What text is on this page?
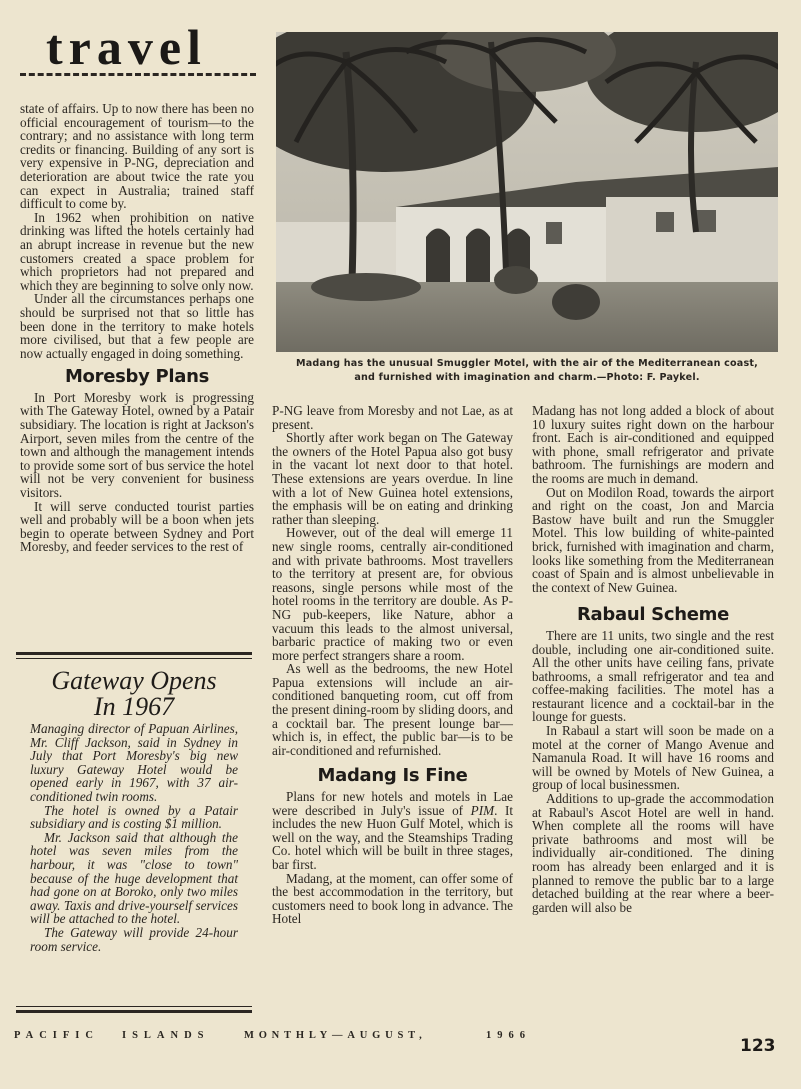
travel
Madang has the unusual Smuggler Motel, with the air of the Mediterranean coast,
and furnished with imagination and charm.—Photo: F. Paykel.

state of affairs. Up to now there has been no official encouragement of tourism—to the contrary; and no assistance with long term credits or financing. Building of any sort is very expensive in P-NG, depreciation and deterioration are about twice the rate you can expect in Australia; trained staff difficult to come by.

In 1962 when prohibition on native drinking was lifted the hotels certainly had an abrupt increase in revenue but the new customers created a space problem for which proprietors had not prepared and which they are beginning to solve only now.

Under all the circumstances perhaps one should be surprised not that so little has been done in the territory to make hotels more civilised, but that a few people are now actually engaged in doing something.

Moresby Plans

In Port Moresby work is progressing with The Gateway Hotel, owned by a Patair subsidiary. The location is right at Jackson's Airport, seven miles from the centre of the town and although the management intends to provide some sort of bus service the hotel will not be very convenient for business visitors.

It will serve conducted tourist parties well and probably will be a boon when jets begin to operate between Sydney and Port Moresby, and feeder services to the rest of

Gateway Opens
In 1967

Managing director of Papuan Airlines, Mr. Cliff Jackson, said in Sydney in July that Port Moresby's big new luxury Gateway Hotel would be opened early in 1967, with 37 air-conditioned twin rooms.

The hotel is owned by a Patair subsidiary and is costing $1 million.

Mr. Jackson said that although the hotel was seven miles from the harbour, it was "close to town" because of the huge development that had gone on at Boroko, only two miles away. Taxis and drive-yourself services will be attached to the hotel.

The Gateway will provide 24-hour room service.

P-NG leave from Moresby and not Lae, as at present.

Shortly after work began on The Gateway the owners of the Hotel Papua also got busy in the vacant lot next door to that hotel. These extensions are years overdue. In line with a lot of New Guinea hotel extensions, the emphasis will be on eating and drinking rather than sleeping.

However, out of the deal will emerge 11 new single rooms, centrally air-conditioned and with private bathrooms. Most travellers to the territory at present are, for obvious reasons, single persons while most of the hotel rooms in the territory are double. As P-NG pub-keepers, like Nature, abhor a vacuum this leads to the almost universal, barbaric practice of making two or even more perfect strangers share a room.

As well as the bedrooms, the new Hotel Papua extensions will include an air-conditioned banqueting room, cut off from the present dining-room by sliding doors, and a cocktail bar. The present lounge bar—which is, in effect, the public bar—is to be air-conditioned and refurnished.

Madang Is Fine

Plans for new hotels and motels in Lae were described in July's issue of PIM. It includes the new Huon Gulf Motel, which is well on the way, and the Steamships Trading Co. hotel which will be built in three stages, bar first.

Madang, at the moment, can offer some of the best accommodation in the territory, but customers need to book long in advance. The Hotel

Madang has not long added a block of about 10 luxury suites right down on the harbour front. Each is air-conditioned and equipped with phone, small refrigerator and private bathroom. The furnishings are modern and the rooms are much in demand.

Out on Modilon Road, towards the airport and right on the coast, Jon and Marcia Bastow have built and run the Smuggler Motel. This low building of white-painted brick, furnished with imagination and charm, looks like something from the Mediterranean coast of Spain and is almost unbelievable in the context of New Guinea.

Rabaul Scheme

There are 11 units, two single and the rest double, including one air-conditioned suite. All the other units have ceiling fans, private bathrooms, a small refrigerator and tea and coffee-making facilities. The motel has a restaurant licence and a cocktail-bar in the lounge for guests.

In Rabaul a start will soon be made on a motel at the corner of Mango Avenue and Namanula Road. It will have 16 rooms and will be owned by Motels of New Guinea, a group of local businessmen.

Additions to up-grade the accommodation at Rabaul's Ascot Hotel are well in hand. When complete all the rooms will have private bathrooms and most will be individually air-conditioned. The dining room has already been enlarged and it is planned to remove the public bar to a large detached building at the rear where a beer-garden will also be

PACIFIC ISLANDS	MONTHLY—AUGUST,	1966
123
